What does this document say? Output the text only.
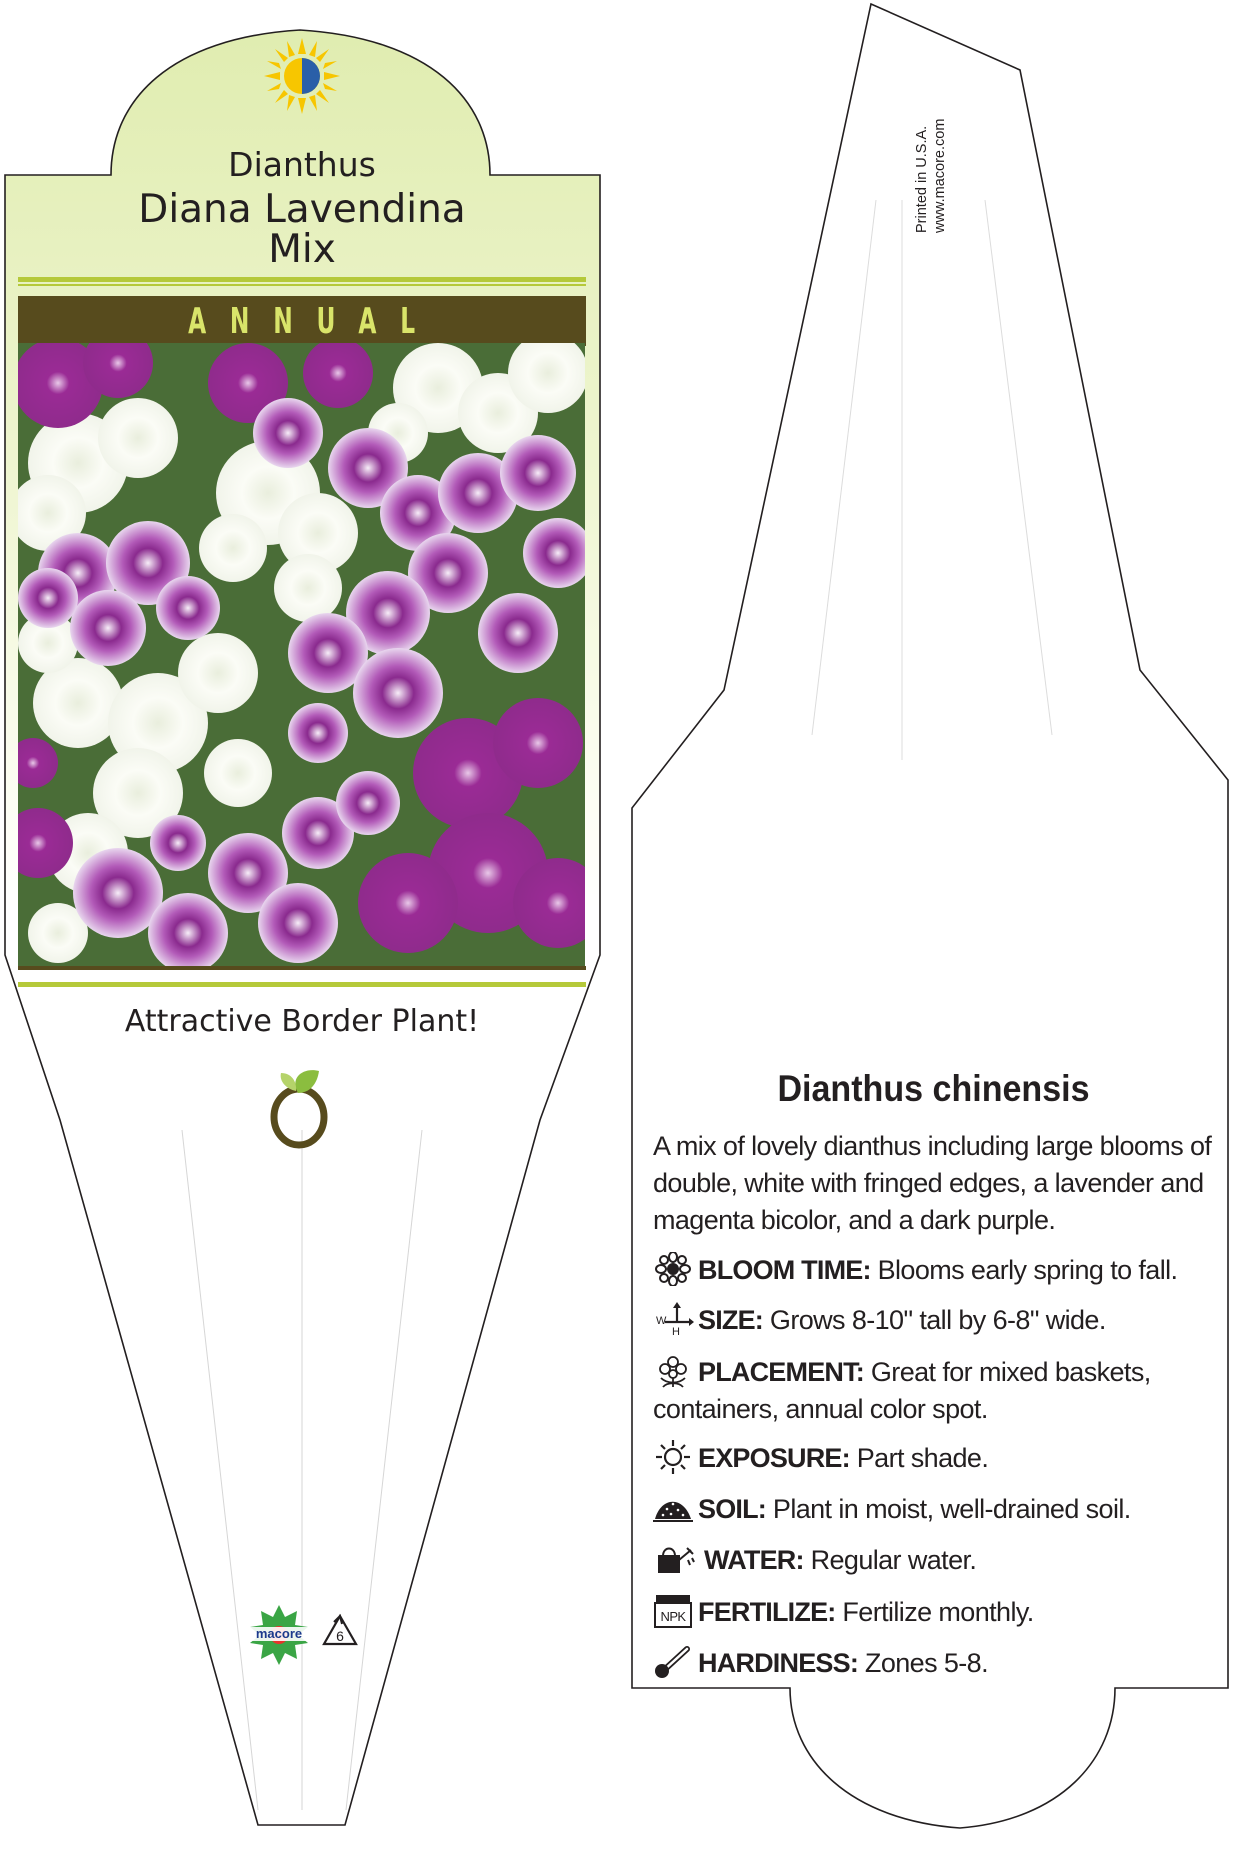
Dianthus
Diana Lavendina
Mix
ANNUAL
Attractive Border Plant!
macore 6
Printed in U.S.A. www.macore.com
Dianthus chinensis
A mix of lovely dianthus including large blooms of double, white with fringed edges, a lavender and magenta bicolor, and a dark purple.
BLOOM TIME: Blooms early spring to fall.
W
H SIZE: Grows 8-10" tall by 6-8" wide.
PLACEMENT: Great for mixed baskets, containers, annual color spot.
EXPOSURE: Part shade.
SOIL: Plant in moist, well-drained soil.
WATER: Regular water.
NPK FERTILIZE: Fertilize monthly.
HARDINESS: Zones 5-8.
